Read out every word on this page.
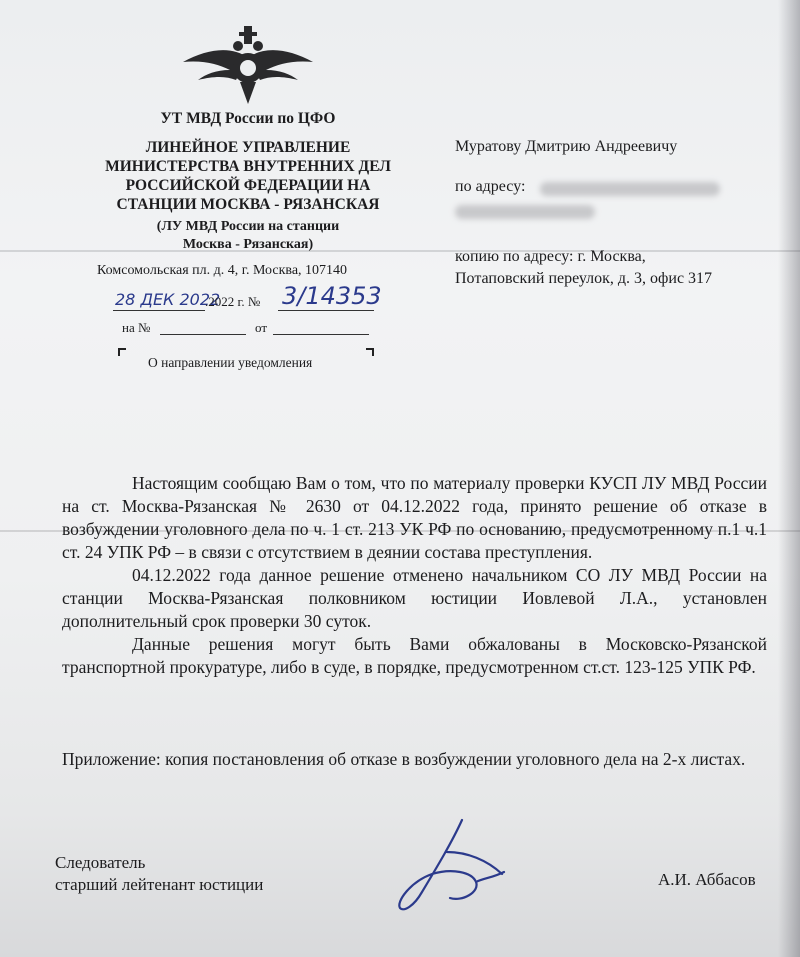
УТ МВД России по ЦФО
ЛИНЕЙНОЕ УПРАВЛЕНИЕ
МИНИСТЕРСТВА ВНУТРЕННИХ ДЕЛ
РОССИЙСКОЙ ФЕДЕРАЦИИ НА
СТАНЦИИ МОСКВА - РЯЗАНСКАЯ
(ЛУ МВД России на станции
Москва - Рязанская)
Комсомольская пл. д. 4, г. Москва, 107140
Муратову Дмитрию Андреевичу
по адресу:
копию по адресу: г. Москва,
Потаповский переулок, д. 3, офис 317
28 ДЕК 2022
.2022 г. № 3/14353
на №	от
О направлении уведомления

Настоящим сообщаю Вам о том, что по материалу проверки КУСП ЛУ МВД России на ст. Москва-Рязанская № 2630 от 04.12.2022 года, принято решение об отказе в возбуждении уголовного дела по ч. 1 ст. 213 УК РФ по основанию, предусмотренному п.1 ч.1 ст. 24 УПК РФ – в связи с отсутствием в деянии состава преступления.

04.12.2022 года данное решение отменено начальником СО ЛУ МВД России на станции Москва-Рязанская полковником юстиции Иовлевой Л.А., установлен дополнительный срок проверки 30 суток.

Данные решения могут быть Вами обжалованы в Московско-Рязанской транспортной прокуратуре, либо в суде, в порядке, предусмотренном ст.ст. 123-125 УПК РФ.

Приложение: копия постановления об отказе в возбуждении уголовного дела на 2-х листах.
Следователь
старший лейтенант юстиции	А.И. Аббасов
